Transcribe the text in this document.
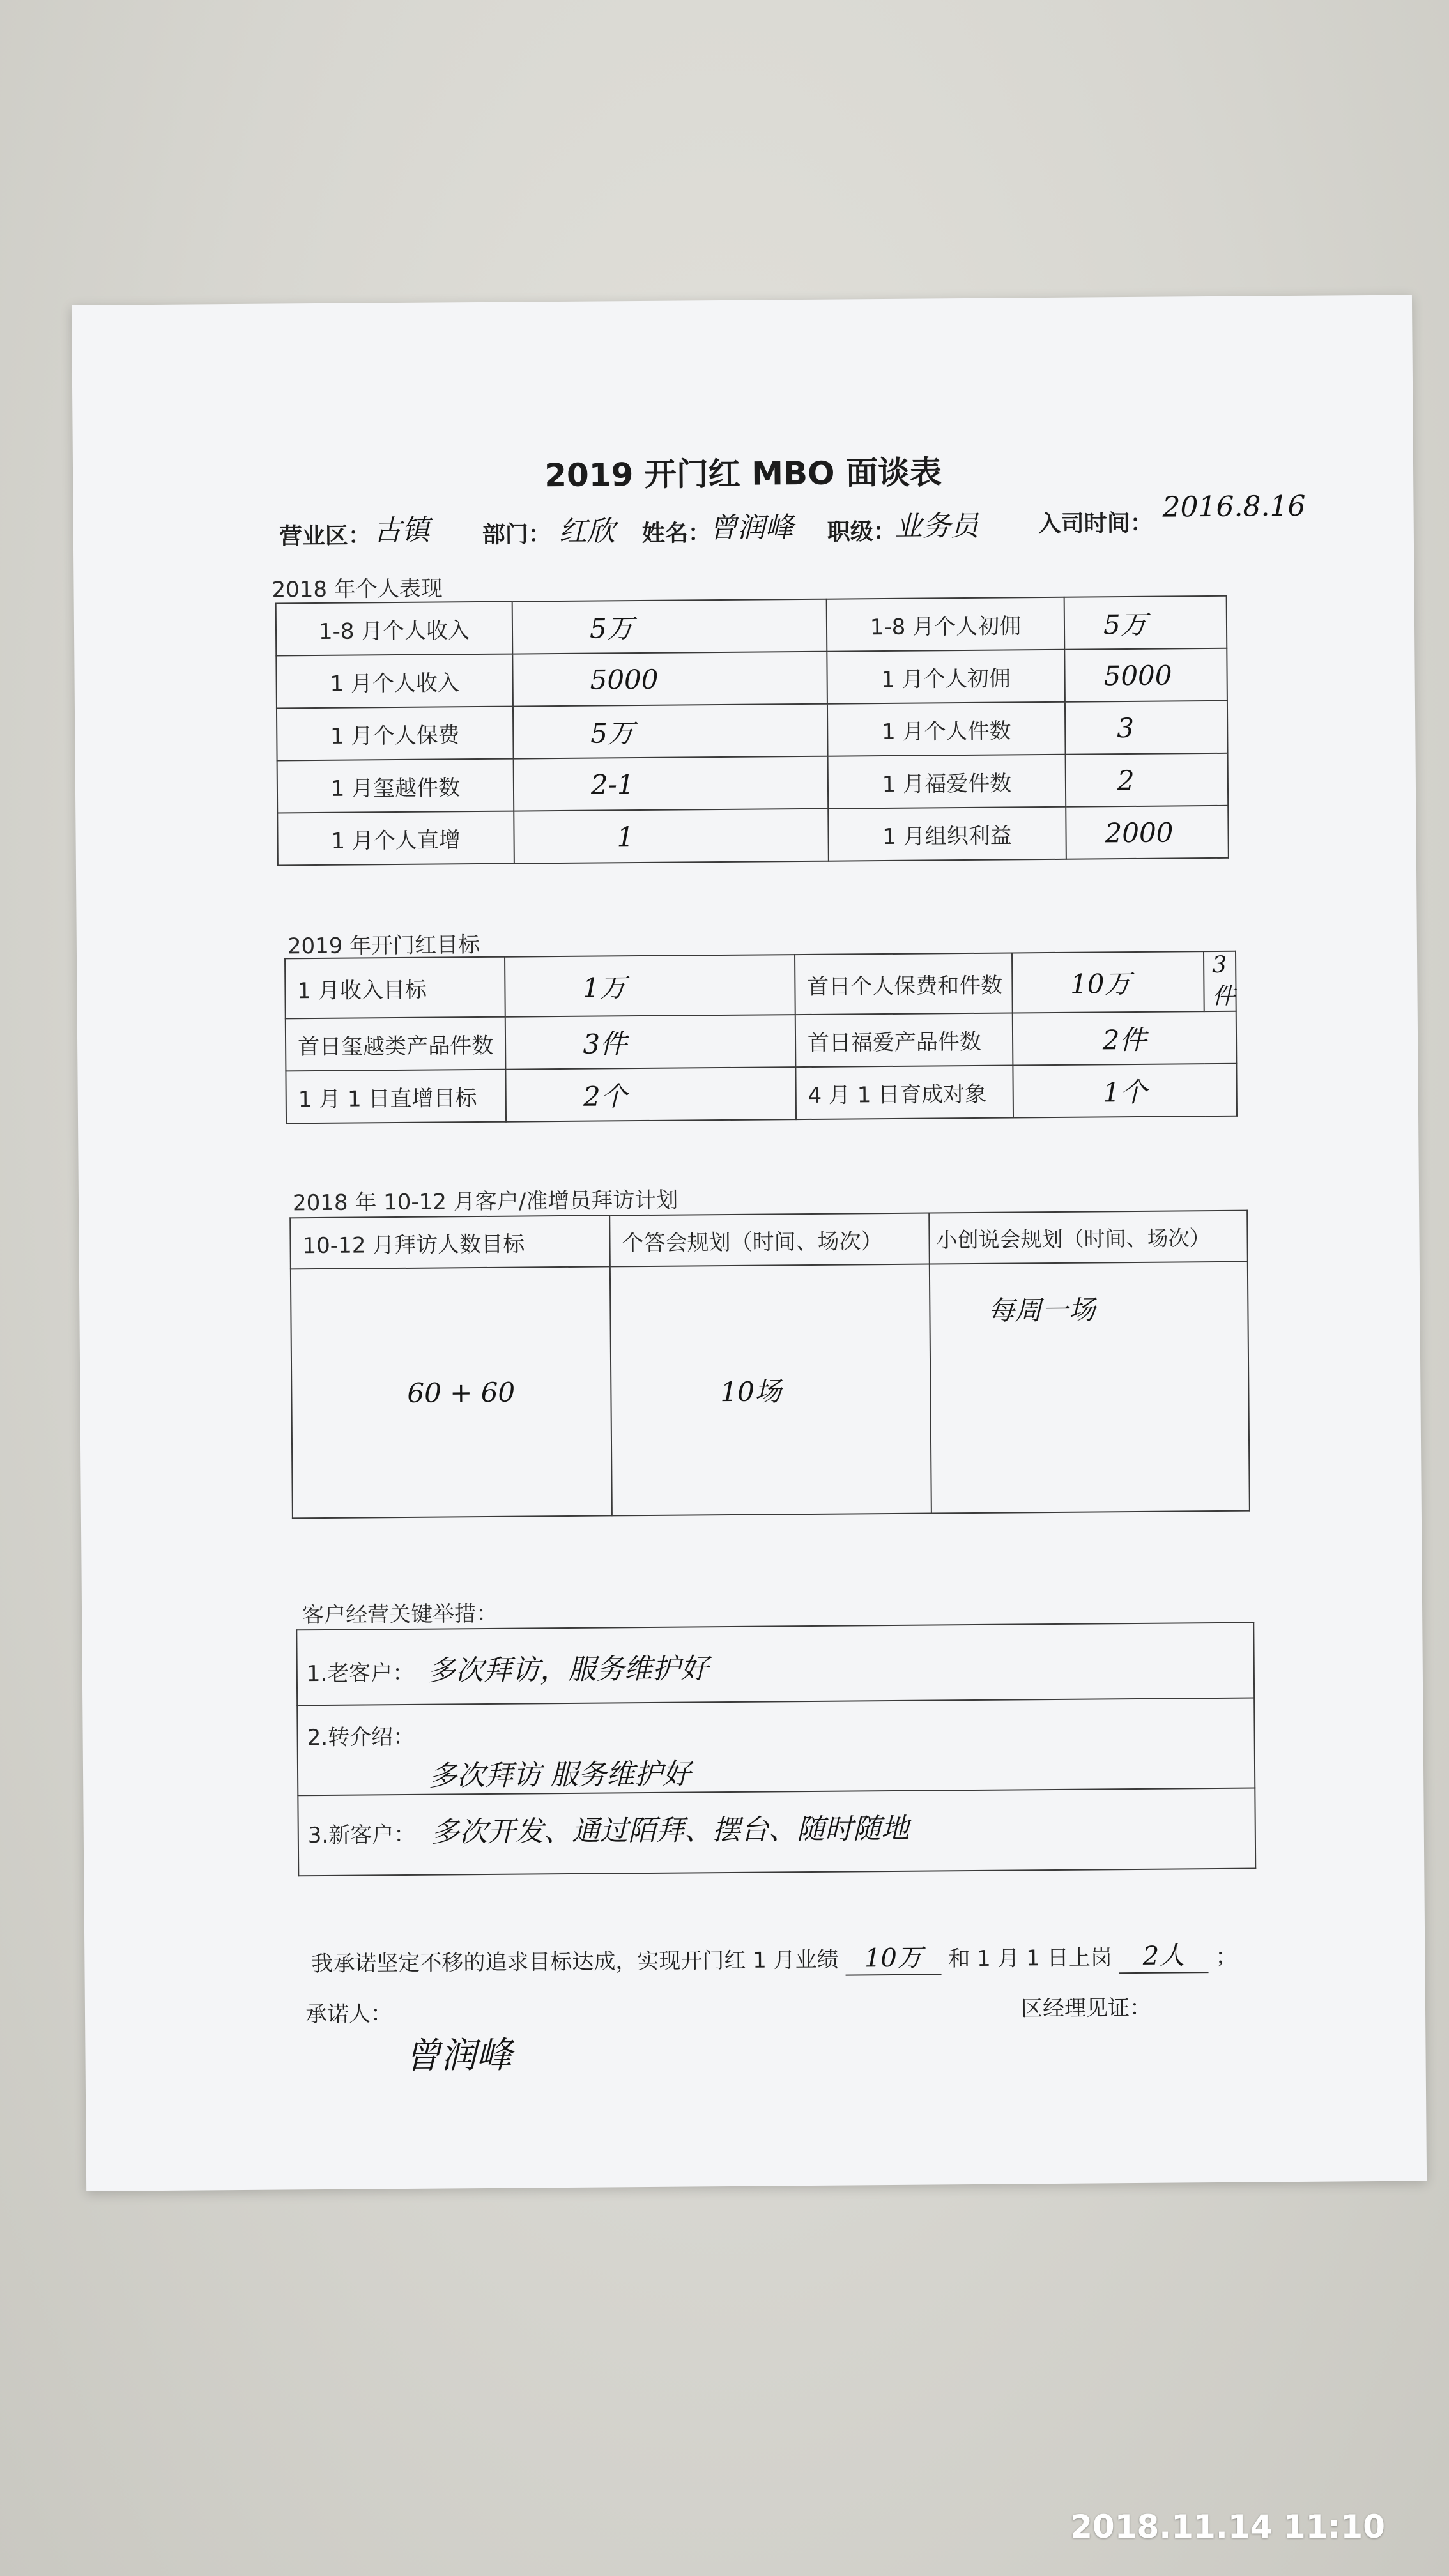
2019 开门红 MBO 面谈表
营业区： 古镇 部门： 红欣 姓名：
曾润峰 职级：
业务员	入司时间：
2016.8.16
2018 年个人表现
1-8 月个人收入	5万	1-8 月个人初佣	5万
1 月个人收入	5000	1 月个人初佣	5000
1 月个人保费	5万	1 月个人件数	3
1 月玺越件数	2-1	1 月福爱件数	2
1 月个人直增	1	1 月组织利益	2000
2019 年开门红目标
1 月收入目标	1万	首日个人保费和件数	10万	3件
首日玺越类产品件数	3件	首日福爱产品件数	2件	
1 月 1 日直增目标	2个	4 月 1 日育成对象	1个	
2018 年 10-12 月客户/准增员拜访计划
10-12 月拜访人数目标	个答会规划（时间、场次）	小创说会规划（时间、场次）
60 + 60	10场	每周一场
客户经营关键举措：
1.老客户： 多次拜访，服务维护好

2.转介绍：
多次拜访 服务维护好

3.新客户： 多次开发、通过陌拜、摆台、随时随地
我承诺坚定不移的追求目标达成，实现开门红 1 月业绩 10万 和 1 月 1 日上岗 2人 ；
承诺人：
曾润峰
区经理见证：
2018.11.14 11:10
